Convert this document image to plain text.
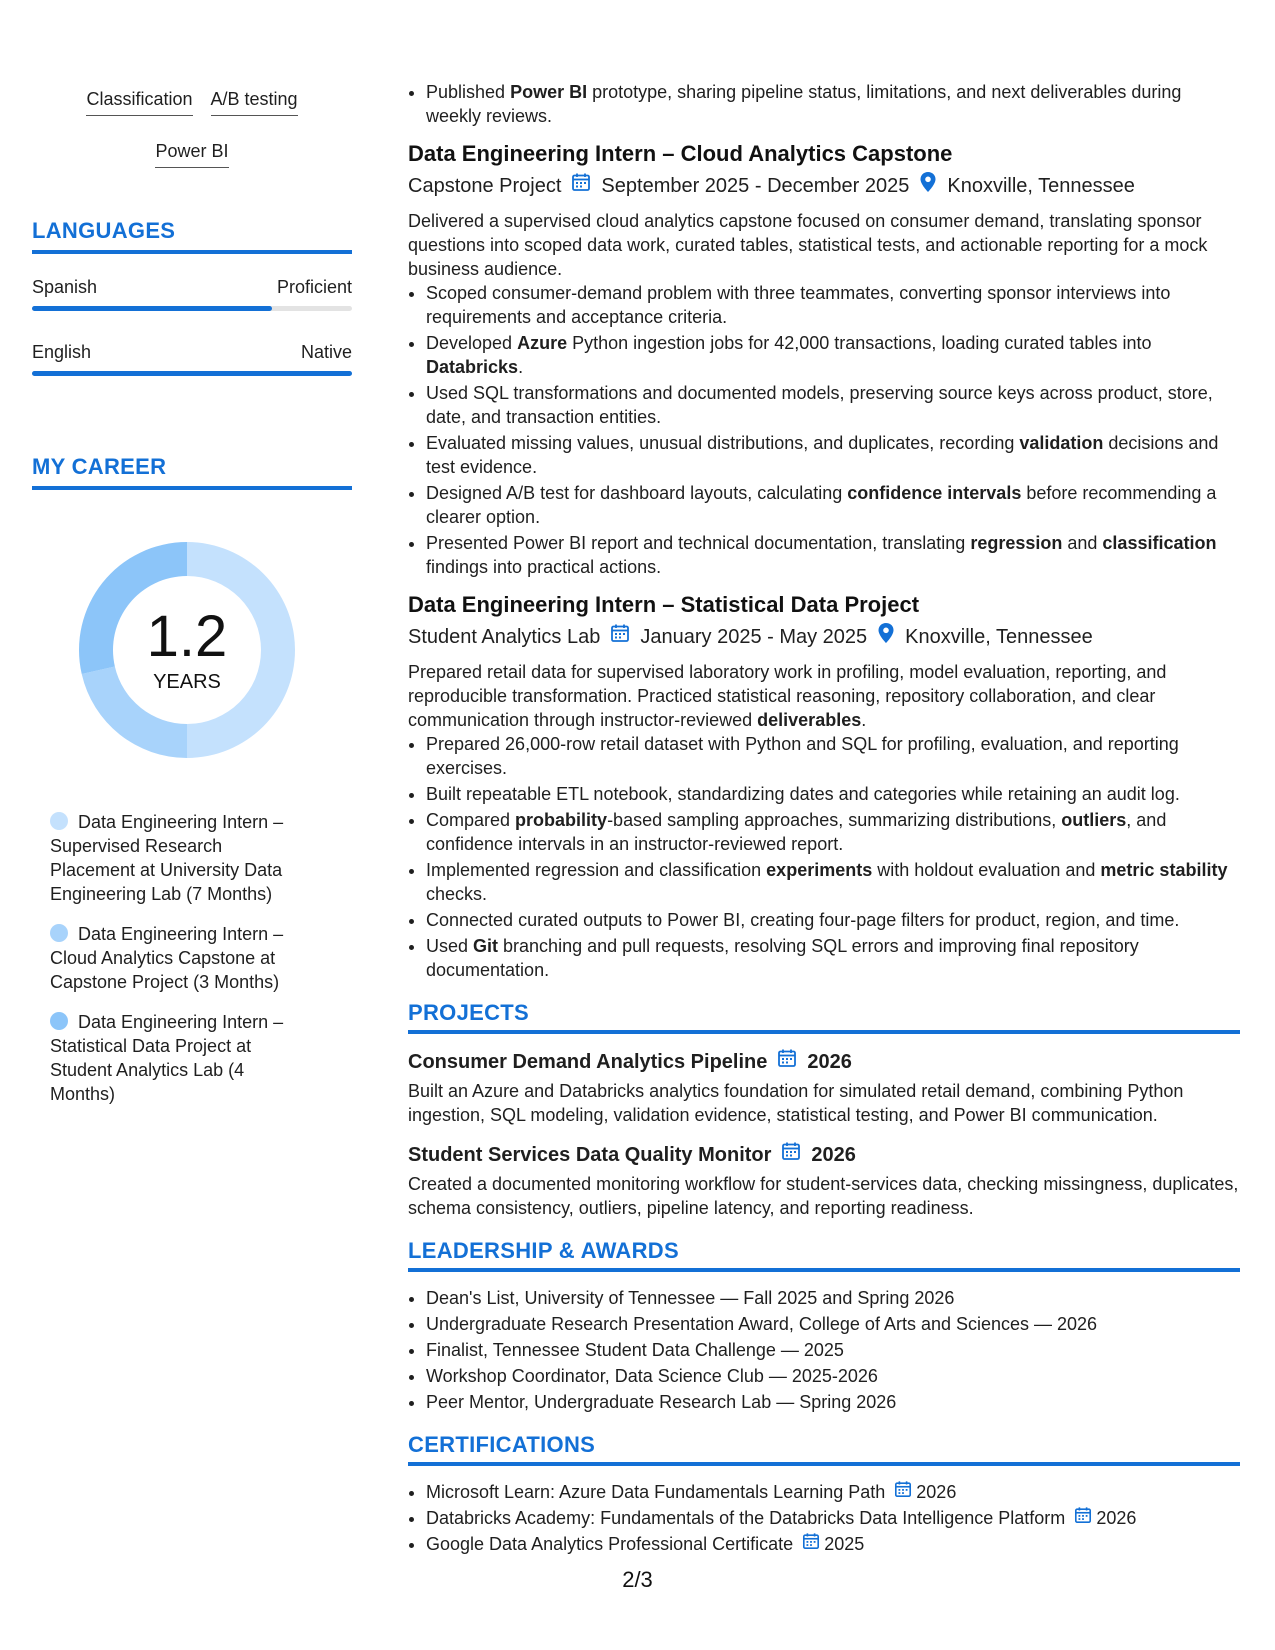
Classification A/B testing
Power BI
LANGUAGES
Spanish	Proficient
English	Native
MY CAREER
1.2
YEARS
Data Engineering Intern – Supervised Research Placement at University Data Engineering Lab (7 Months)
Data Engineering Intern – Cloud Analytics Capstone at Capstone Project (3 Months)
Data Engineering Intern – Statistical Data Project at Student Analytics Lab (4 Months)
• Published Power BI prototype, sharing pipeline status, limitations, and next deliverables during weekly reviews.
Data Engineering Intern – Cloud Analytics Capstone
Capstone Project September 2025 - December 2025 Knoxville, Tennessee
Delivered a supervised cloud analytics capstone focused on consumer demand, translating sponsor questions into scoped data work, curated tables, statistical tests, and actionable reporting for a mock business audience.
• Scoped consumer-demand problem with three teammates, converting sponsor interviews into requirements and acceptance criteria.
• Developed Azure Python ingestion jobs for 42,000 transactions, loading curated tables into Databricks.
• Used SQL transformations and documented models, preserving source keys across product, store, date, and transaction entities.
• Evaluated missing values, unusual distributions, and duplicates, recording validation decisions and test evidence.
• Designed A/B test for dashboard layouts, calculating confidence intervals before recommending a clearer option.
• Presented Power BI report and technical documentation, translating regression and classification findings into practical actions.
Data Engineering Intern – Statistical Data Project
Student Analytics Lab January 2025 - May 2025 Knoxville, Tennessee
Prepared retail data for supervised laboratory work in profiling, model evaluation, reporting, and reproducible transformation. Practiced statistical reasoning, repository collaboration, and clear communication through instructor-reviewed deliverables.
• Prepared 26,000-row retail dataset with Python and SQL for profiling, evaluation, and reporting exercises.
• Built repeatable ETL notebook, standardizing dates and categories while retaining an audit log.
• Compared probability-based sampling approaches, summarizing distributions, outliers, and confidence intervals in an instructor-reviewed report.
• Implemented regression and classification experiments with holdout evaluation and metric stability checks.
• Connected curated outputs to Power BI, creating four-page filters for product, region, and time.
• Used Git branching and pull requests, resolving SQL errors and improving final repository documentation.
PROJECTS
Consumer Demand Analytics Pipeline 2026
Built an Azure and Databricks analytics foundation for simulated retail demand, combining Python ingestion, SQL modeling, validation evidence, statistical testing, and Power BI communication.
Student Services Data Quality Monitor 2026
Created a documented monitoring workflow for student-services data, checking missingness, duplicates, schema consistency, outliers, pipeline latency, and reporting readiness.
LEADERSHIP & AWARDS
• Dean's List, University of Tennessee — Fall 2025 and Spring 2026
• Undergraduate Research Presentation Award, College of Arts and Sciences — 2026
• Finalist, Tennessee Student Data Challenge — 2025
• Workshop Coordinator, Data Science Club — 2025-2026
• Peer Mentor, Undergraduate Research Lab — Spring 2026
CERTIFICATIONS
• Microsoft Learn: Azure Data Fundamentals Learning Path 2026
• Databricks Academy: Fundamentals of the Databricks Data Intelligence Platform 2026
• Google Data Analytics Professional Certificate 2025
2/3
